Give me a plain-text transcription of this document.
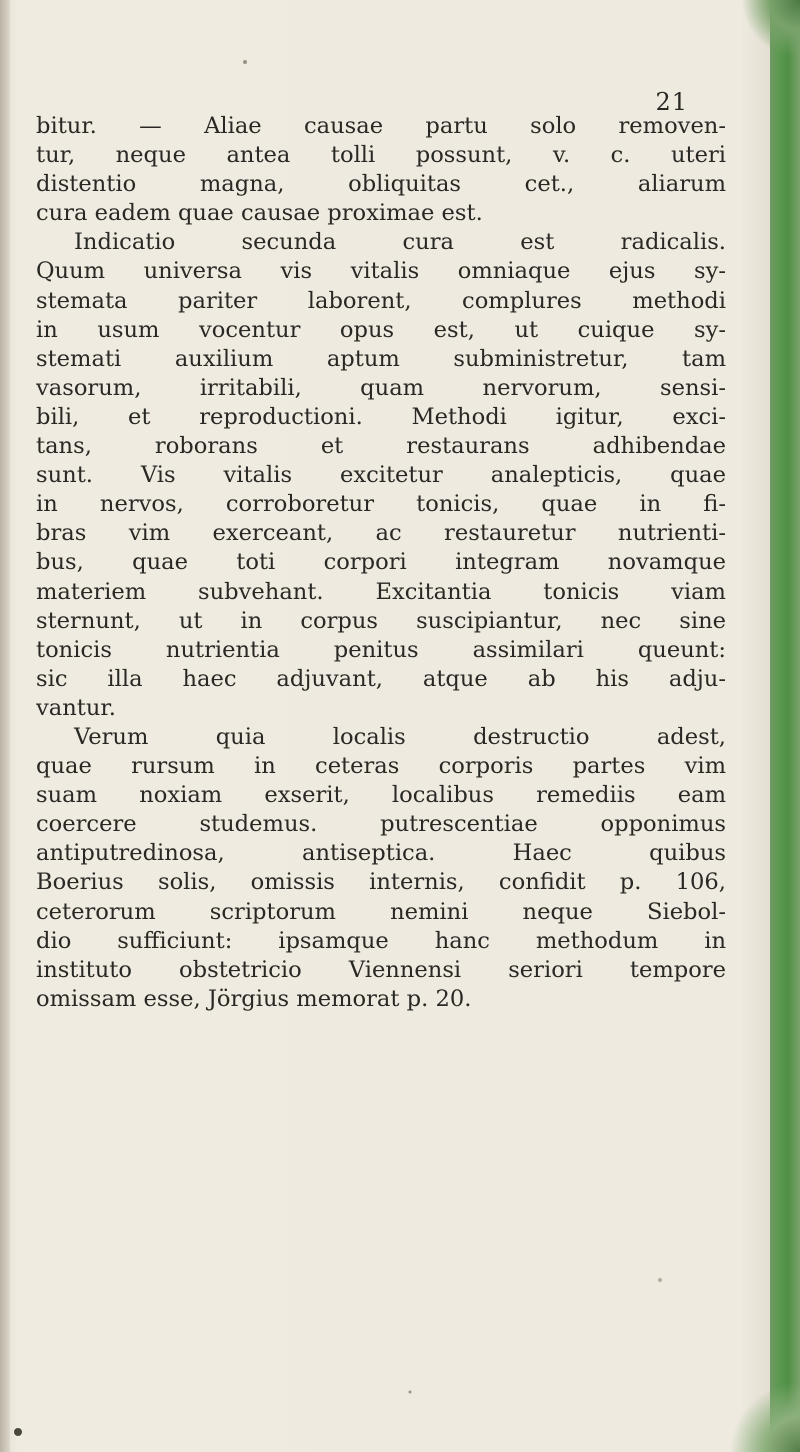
21
bitur. — Aliae causae partu solo removen-
tur, neque antea tolli possunt, v. c. uteri
distentio magna, obliquitas cet., aliarum
cura eadem quae causae proximae est.
Indicatio secunda cura est radicalis.
Quum universa vis vitalis omniaque ejus sy-
stemata pariter laborent, complures methodi
in usum vocentur opus est, ut cuique sy-
stemati auxilium aptum subministretur, tam
vasorum, irritabili, quam nervorum, sensi-
bili, et reproductioni. Methodi igitur, exci-
tans, roborans et restaurans adhibendae
sunt. Vis vitalis excitetur analepticis, quae
in nervos, corroboretur tonicis, quae in fi-
bras vim exerceant, ac restauretur nutrienti-
bus, quae toti corpori integram novamque
materiem subvehant. Excitantia tonicis viam
sternunt, ut in corpus suscipiantur, nec sine
tonicis nutrientia penitus assimilari queunt:
sic illa haec adjuvant, atque ab his adju-
vantur.
Verum quia localis destructio adest,
quae rursum in ceteras corporis partes vim
suam noxiam exserit, localibus remediis eam
coercere studemus. putrescentiae opponimus
antiputredinosa, antiseptica. Haec quibus
Boerius solis, omissis internis, confidit p. 106,
ceterorum scriptorum nemini neque Siebol-
dio sufficiunt: ipsamque hanc methodum in
instituto obstetricio Viennensi seriori tempore
omissam esse, Jörgius memorat p. 20.
